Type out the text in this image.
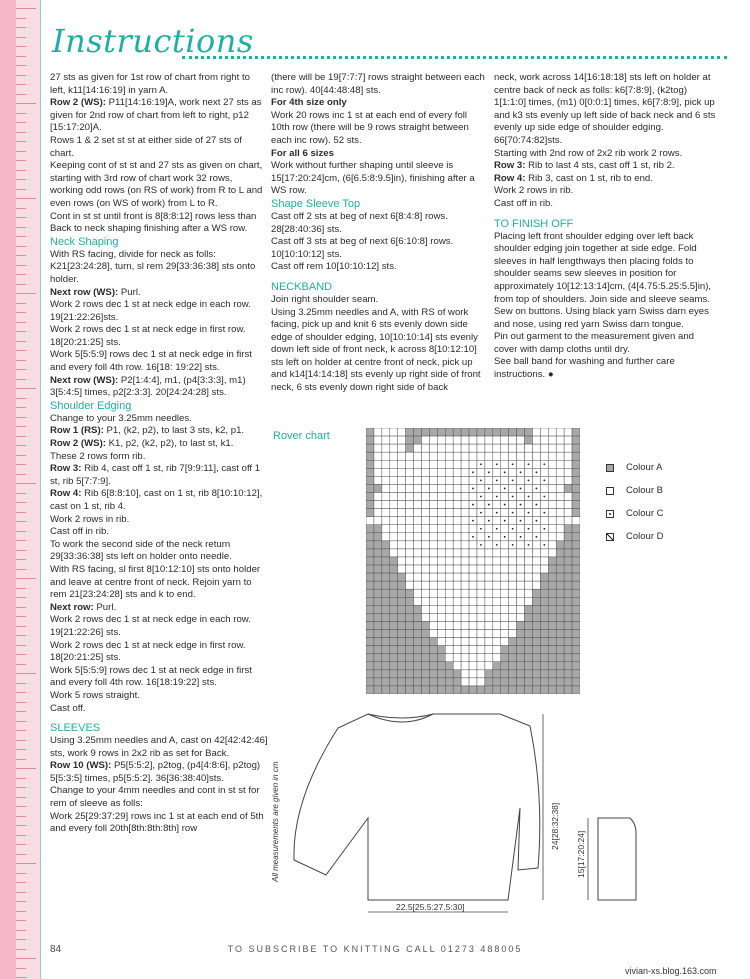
Instructions

27 sts as given for 1st row of chart from right to left, k11[14:16:19] in yarn A.

Row 2 (WS): P11[14:16:19]A, work next 27 sts as given for 2nd row of chart from left to right, p12 [15:17:20]A.

Rows 1 & 2 set st st at either side of 27 sts of chart.

Keeping cont of st st and 27 sts as given on chart, starting with 3rd row of chart work 32 rows, working odd rows (on RS of work) from R to L and even rows (on WS of work) from L to R.

Cont in st st until front is 8[8:8:12] rows less than Back to neck shaping finishing after a WS row.

Neck Shaping

With RS facing, divide for neck as folls: K21[23:24:28], turn, sl rem 29[33:36:38] sts onto holder.

Next row (WS): Purl.

Work 2 rows dec 1 st at neck edge in each row. 19[21:22:26]sts.

Work 2 rows dec 1 st at neck edge in first row. 18[20:21:25] sts.

Work 5[5:5:9] rows dec 1 st at neck edge in first and every foll 4th row. 16[18: 19:22] sts.

Next row (WS): P2[1:4:4], m1, (p4[3:3:3], m1) 3[5:4:5] times, p2[2:3:3]. 20[24:24:28] sts.

Shoulder Edging

Change to your 3.25mm needles.

Row 1 (RS): P1, (k2, p2), to last 3 sts, k2, p1.

Row 2 (WS): K1, p2, (k2, p2), to last st, k1.

These 2 rows form rib.

Row 3: Rib 4, cast off 1 st, rib 7[9:9:11], cast off 1 st, rib 5[7:7:9].

Row 4: Rib 6[8:8:10], cast on 1 st, rib 8[10:10:12], cast on 1 st, rib 4.

Work 2 rows in rib.

Cast off in rib.

To work the second side of the neck return 29[33:36:38] sts left on holder onto needle.

With RS facing, sl first 8[10:12:10] sts onto holder and leave at centre front of neck. Rejoin yarn to rem 21[23:24:28] sts and k to end.

Next row: Purl.

Work 2 rows dec 1 st at neck edge in each row. 19[21:22:26] sts.

Work 2 rows dec 1 st at neck edge in first row. 18[20:21:25] sts.

Work 5[5:5:9] rows dec 1 st at neck edge in first and every foll 4th row. 16[18:19:22] sts.

Work 5 rows straight.

Cast off.

SLEEVES

Using 3.25mm needles and A, cast on 42[42:42:46] sts, work 9 rows in 2x2 rib as set for Back.

Row 10 (WS): P5[5:5:2], p2tog, (p4[4:8:6], p2tog) 5[5:3:5] times, p5[5:5:2]. 36[36:38:40]sts.

Change to your 4mm needles and cont in st st for rem of sleeve as folls:

Work 25[29:37:29] rows inc 1 st at each end of 5th and every foll 20th[8th:8th:8th] row

(there will be 19[7:7:7] rows straight between each inc row). 40[44:48:48] sts.

For 4th size only

Work 20 rows inc 1 st at each end of every foll 10th row (there will be 9 rows straight between each inc row). 52 sts.

For all 6 sizes

Work without further shaping until sleeve is 15[17:20:24]cm, (6[6.5:8:9.5]in), finishing after a WS row.

Shape Sleeve Top

Cast off 2 sts at beg of next 6[8:4:8] rows. 28[28:40:36] sts.

Cast off 3 sts at beg of next 6[6:10:8] rows. 10[10:10:12] sts.

Cast off rem 10[10:10:12] sts.

NECKBAND

Join right shoulder seam.

Using 3.25mm needles and A, with RS of work facing, pick up and knit 6 sts evenly down side edge of shoulder edging, 10[10:10:14] sts evenly down left side of front neck, k across 8[10:12:10] sts left on holder at centre front of neck, pick up and k14[14:14:18] sts evenly up right side of front neck, 6 sts evenly down right side of back

neck, work across 14[16:18:18] sts left on holder at centre back of neck as folls: k6[7:8:9], (k2tog) 1[1:1:0] times, (m1) 0[0:0:1] times, k6[7:8:9], pick up and k3 sts evenly up left side of back neck and 6 sts evenly up side edge of shoulder edging. 66[70:74:82]sts.

Starting with 2nd row of 2x2 rib work 2 rows.

Row 3: Rib to last 4 sts, cast off 1 st, rib 2.

Row 4: Rib 3, cast on 1 st, rib to end.

Work 2 rows in rib.

Cast off in rib.

TO FINISH OFF

Placing left front shoulder edging over left back shoulder edging join together at side edge. Fold sleeves in half lengthways then placing folds to shoulder seams sew sleeves in position for approximately 10[12:13:14]cm, (4[4.75:5.25:5.5]in), from top of shoulders. Join side and sleeve seams. Sew on buttons. Using black yarn Swiss darn eyes and nose, using red yarn Swiss darn tongue.

Pin out garment to the measurement given and cover with damp cloths until dry.

See ball band for washing and further care instructions. ●

Rover chart
Colour A
Colour B
Colour C
Colour D
All measurements are given in cm
22.5[25.5:27.5:30]
24[28:32:38]
15[17:20:24]
84	TO SUBSCRIBE TO KNITTING CALL 01273 488005
vivian-xs.blog.163.com
